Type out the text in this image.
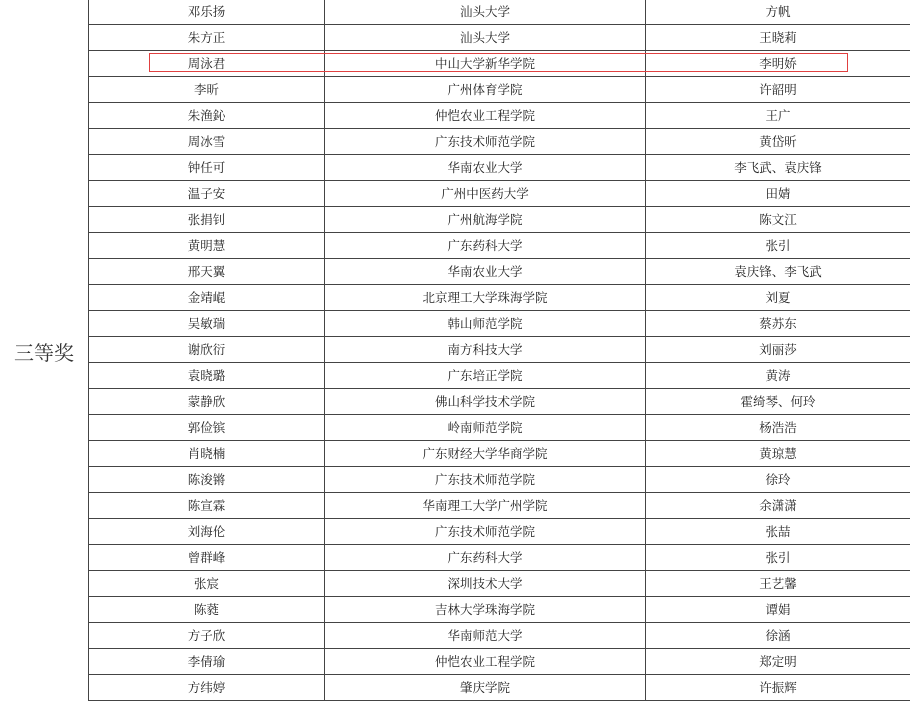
三等奖
邓乐扬	汕头大学	方帆
朱方正	汕头大学	王晓莉
周泳君	中山大学新华学院	李明娇
李昕	广州体育学院	许韶明
朱渔鈊	仲恺农业工程学院	王广
周冰雪	广东技术师范学院	黄岱昕
钟任可	华南农业大学	李飞武、袁庆锋
温子安	广州中医药大学	田婧
张捐钊	广州航海学院	陈文江
黄明慧	广东药科大学	张引
邢天翼	华南农业大学	袁庆锋、李飞武
金靖崐	北京理工大学珠海学院	刘夏
吴敏瑞	韩山师范学院	蔡苏东
谢欣衍	南方科技大学	刘丽莎
袁晓璐	广东培正学院	黄涛
蒙静欣	佛山科学技术学院	霍绮琴、何玲
郭俭镔	岭南师范学院	杨浩浩
肖晓楠	广东财经大学华商学院	黄琼慧
陈浚锵	广东技术师范学院	徐玲
陈宣霖	华南理工大学广州学院	余潇潇
刘海伦	广东技术师范学院	张喆
曾群峰	广东药科大学	张引
张宸	深圳技术大学	王艺馨
陈蕤	吉林大学珠海学院	谭娟
方子欣	华南师范大学	徐涵
李倩瑜	仲恺农业工程学院	郑定明
方纬婷	肇庆学院	许振辉
